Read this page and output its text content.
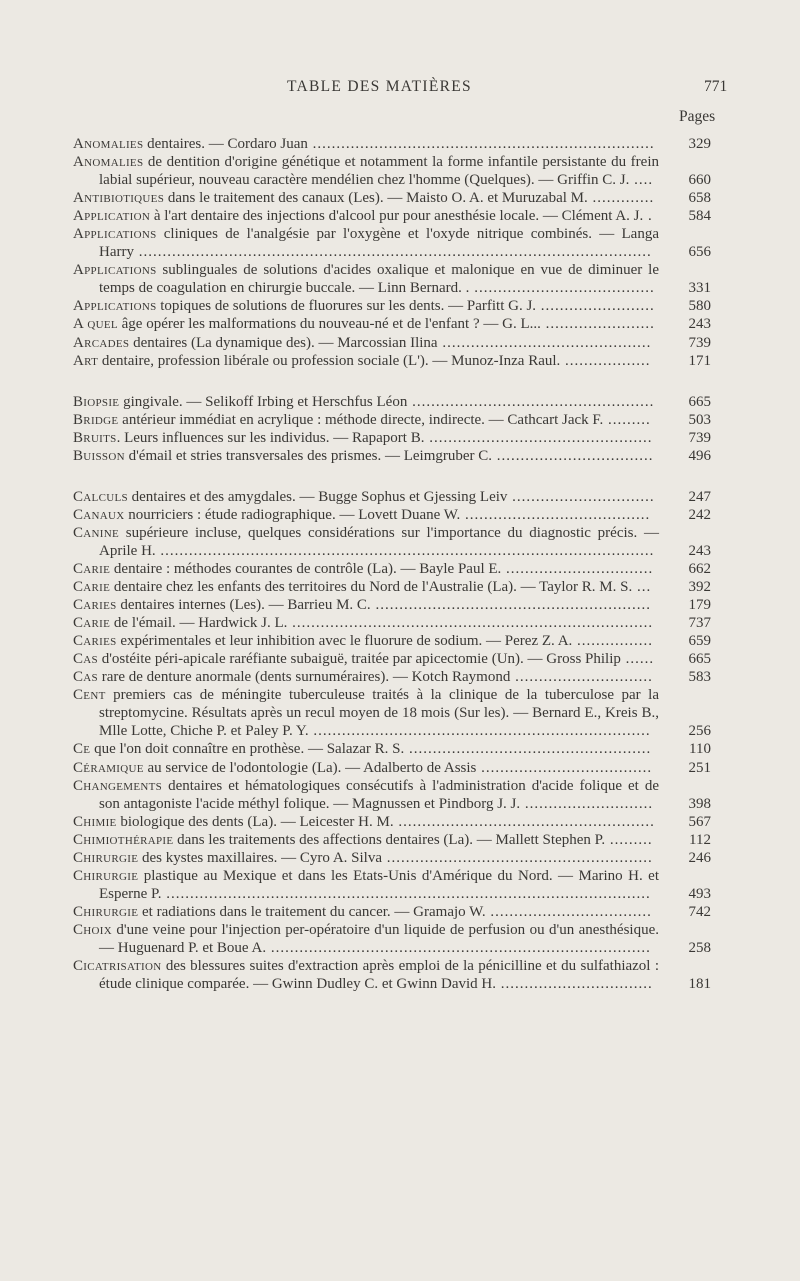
TABLE DES MATIÈRES	771
Pages
Anomalies dentaires. — Cordaro Juan ........................................................................ 329
Anomalies de dentition d'origine génétique et notamment la forme infantile persistante du frein labial supérieur, nouveau caractère mendélien chez l'homme (Quelques). — Griffin C. J. .... 660
Antibiotiques dans le traitement des canaux (Les). — Maisto O. A. et Muruzabal M. ............. 658
Application à l'art dentaire des injections d'alcool pur pour anesthésie locale. — Clément A. J. . 584
Applications cliniques de l'analgésie par l'oxygène et l'oxyde nitrique combinés. — Langa Harry ............................................................................................................ 656
Applications sublinguales de solutions d'acides oxalique et malonique en vue de diminuer le temps de coagulation en chirurgie buccale. — Linn Bernard. . ...................................... 331
Applications topiques de solutions de fluorures sur les dents. — Parfitt G. J. ........................ 580
A quel âge opérer les malformations du nouveau-né et de l'enfant ? — G. L... ....................... 243
Arcades dentaires (La dynamique des). — Marcossian Ilina ............................................ 739
Art dentaire, profession libérale ou profession sociale (L'). — Munoz-Inza Raul. ..................	171
Biopsie gingivale. — Selikoff Irbing et Herschfus Léon ................................................... 665
Bridge antérieur immédiat en acrylique : méthode directe, indirecte. — Cathcart Jack F. .........	503
Bruits. Leurs influences sur les individus. — Rapaport B. ............................................... 739
Buisson d'émail et stries transversales des prismes. — Leimgruber C. ................................. 496
Calculs dentaires et des amygdales. — Bugge Sophus et Gjessing Leiv .............................. 247
Canaux nourriciers : étude radiographique. — Lovett Duane W. .......................................	242
Canine supérieure incluse, quelques considérations sur l'importance du diagnostic précis. — Aprile H. ........................................................................................................ 243
Carie dentaire : méthodes courantes de contrôle (La). — Bayle Paul E. ............................... 662
Carie dentaire chez les enfants des territoires du Nord de l'Australie (La). — Taylor R. M. S. ... 392
Caries dentaires internes (Les). — Barrieu M. C. ..........................................................	179
Carie de l'émail. — Hardwick J. L. ............................................................................ 737
Caries expérimentales et leur inhibition avec le fluorure de sodium. — Perez Z. A. ................ 659
Cas d'ostéite péri-apicale raréfiante subaiguë, traitée par apicectomie (Un). — Gross Philip ...... 665
Cas rare de denture anormale (dents surnuméraires). — Kotch Raymond ............................. 583
Cent premiers cas de méningite tuberculeuse traités à la clinique de la tuberculose par la streptomycine. Résultats après un recul moyen de 18 mois (Sur les). — Bernard E., Kreis B., Mlle Lotte, Chiche P. et Paley P. Y. .......................................................................	256
Ce que l'on doit connaître en prothèse. — Salazar R. S. ...................................................	110
Céramique au service de l'odontologie (La). — Adalberto de Assis .................................... 251
Changements dentaires et hématologiques consécutifs à l'administration d'acide folique et de son antagoniste l'acide méthyl folique. — Magnussen et Pindborg J. J. ........................... 398
Chimie biologique des dents (La). — Leicester H. M. ...................................................... 567
Chimiothérapie dans les traitements des affections dentaires (La). — Mallett Stephen P. ......... 112
Chirurgie des kystes maxillaires. — Cyro A. Silva ........................................................ 246
Chirurgie plastique au Mexique et dans les Etats-Unis d'Amérique du Nord. — Marino H. et Esperne P. ......................................................................................................	493
Chirurgie et radiations dans le traitement du cancer. — Gramajo W. .................................. 742
Choix d'une veine pour l'injection per-opératoire d'un liquide de perfusion ou d'un anesthésique. — Huguenard P. et Boue A. ................................................................................	258
Cicatrisation des blessures suites d'extraction après emploi de la pénicilline et du sulfathiazol : étude clinique comparée. — Gwinn Dudley C. et Gwinn David H. ................................ 181
